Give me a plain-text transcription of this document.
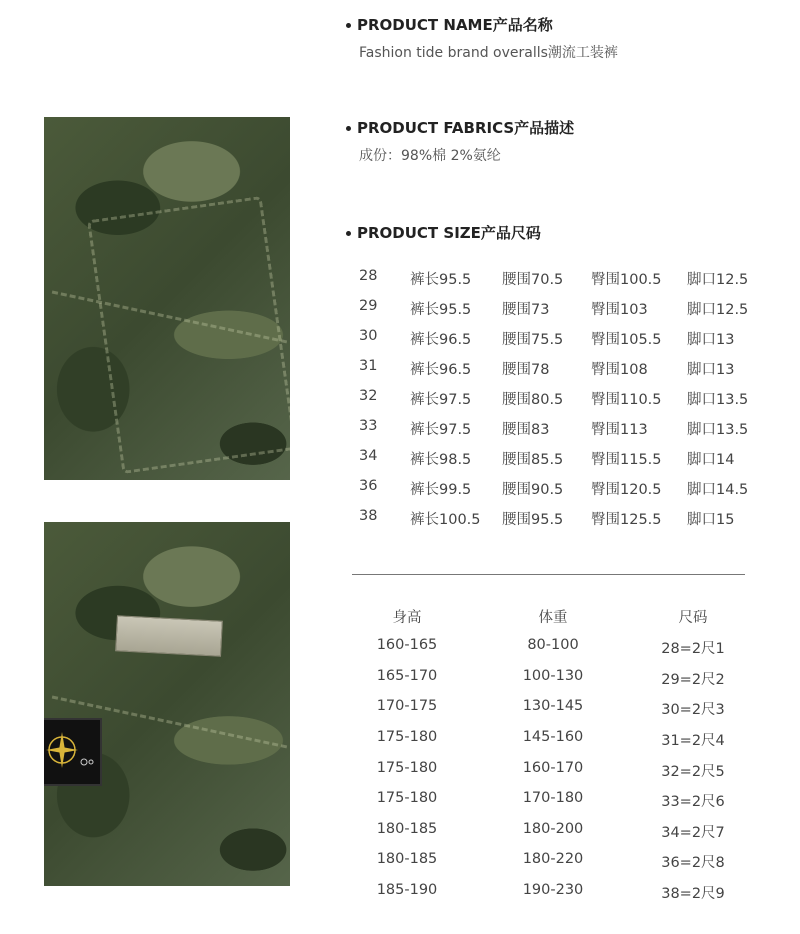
PRODUCT NAME产品名称
Fashion tide brand overalls潮流工装裤
PRODUCT FABRICS产品描述
成份：98%棉 2%氨纶
PRODUCT SIZE产品尺码
28 裤长95.5 腰围70.5 臀围100.5 脚口12.5
29 裤长95.5 腰围73	臀围103	脚口12.5
30 裤长96.5 腰围75.5 臀围105.5 脚口13
31 裤长96.5 腰围78	臀围108	脚口13
32 裤长97.5 腰围80.5 臀围110.5 脚口13.5
33 裤长97.5 腰围83	臀围113	脚口13.5
34 裤长98.5 腰围85.5 臀围115.5 脚口14
36 裤长99.5 腰围90.5 臀围120.5 脚口14.5
38 裤长100.5 腰围95.5 臀围125.5 脚口15
身高	体重	尺码
160-165	80-100	28=2尺1
165-170	100-130	29=2尺2
170-175	130-145	30=2尺3
175-180	145-160	31=2尺4
175-180	160-170	32=2尺5
175-180	170-180	33=2尺6
180-185	180-200	34=2尺7
180-185	180-220	36=2尺8
185-190	190-230	38=2尺9
